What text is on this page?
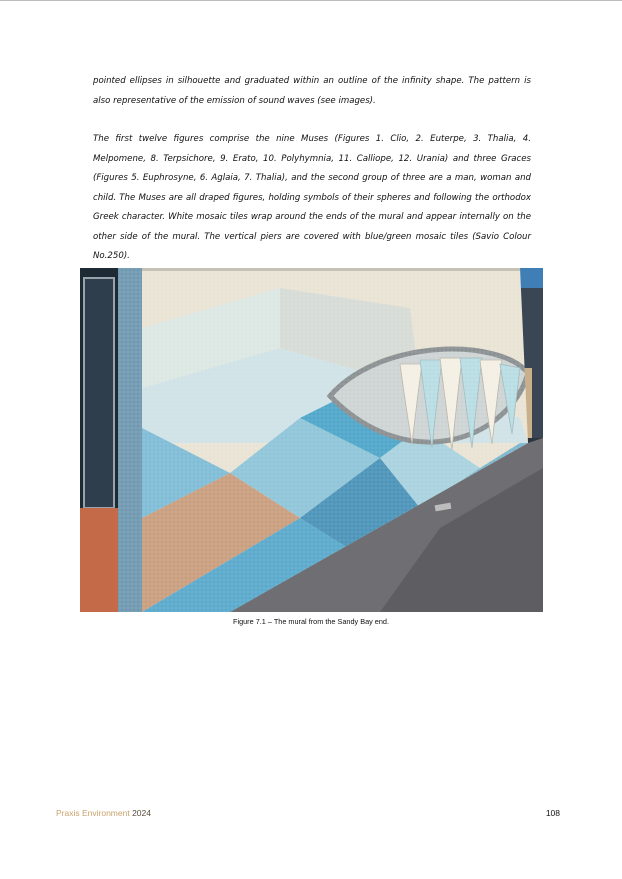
pointed ellipses in silhouette and graduated within an outline of the infinity shape. The pattern is also representative of the emission of sound waves (see images).

The first twelve figures comprise the nine Muses (Figures 1. Clio, 2. Euterpe, 3. Thalia, 4. Melpomene, 8. Terpsichore, 9. Erato, 10. Polyhymnia, 11. Calliope, 12. Urania) and three Graces (Figures 5. Euphrosyne, 6. Aglaia, 7. Thalia), and the second group of three are a man, woman and child. The Muses are all draped figures, holding symbols of their spheres and following the orthodox Greek character. White mosaic tiles wrap around the ends of the mural and appear internally on the other side of the mural. The vertical piers are covered with blue/green mosaic tiles (Savio Colour No.250).

Figure 7.1 – The mural from the Sandy Bay end.
Praxis Environment 2024	108
